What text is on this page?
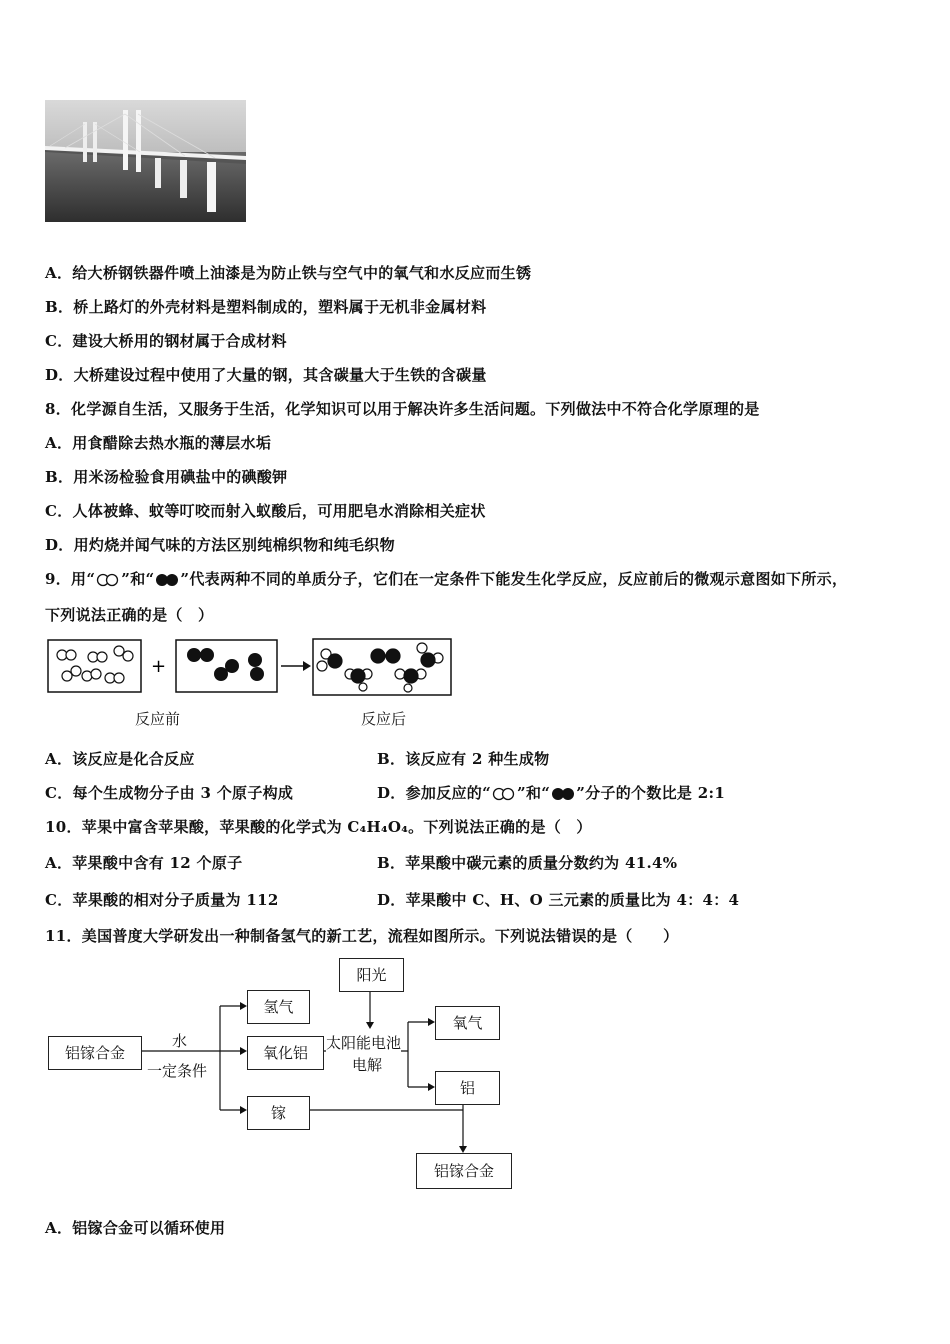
A．给大桥钢铁器件喷上油漆是为防止铁与空气中的氧气和水反应而生锈
B．桥上路灯的外壳材料是塑料制成的，塑料属于无机非金属材料
C．建设大桥用的钢材属于合成材料
D．大桥建设过程中使用了大量的钢，其含碳量大于生铁的含碳量
8．化学源自生活，又服务于生活，化学知识可以用于解决许多生活问题。下列做法中不符合化学原理的是
A．用食醋除去热水瓶的薄层水垢
B．用米汤检验食用碘盐中的碘酸钾
C．人体被蜂、蚊等叮咬而射入蚁酸后，可用肥皂水消除相关症状
D．用灼烧并闻气味的方法区别纯棉织物和纯毛织物
9．用“ ”和“ ”代表两种不同的单质分子，它们在一定条件下能发生化学反应，反应前后的微观示意图如下所示，
下列说法正确的是（　）
+
反应前	反应后
A．该反应是化合反应	B．该反应有 2 种生成物
C．每个生成物分子由 3 个原子构成	D．参加反应的“ ”和“ ”分子的个数比是 2:1
10．苹果中富含苹果酸，苹果酸的化学式为 C₄H₄O₄。下列说法正确的是（　）
A．苹果酸中含有 12 个原子	B．苹果酸中碳元素的质量分数约为 41.4%
C．苹果酸的相对分子质量为 112	D．苹果酸中 C、H、O 三元素的质量比为 4：4：4
11．美国普度大学研发出一种制备氢气的新工艺，流程如图所示。下列说法错误的是（　　）
铝镓合金
水
一定条件
氢气
氧化铝
镓
阳光
太阳能电池
电解
氧气
铝
铝镓合金
A．铝镓合金可以循环使用
